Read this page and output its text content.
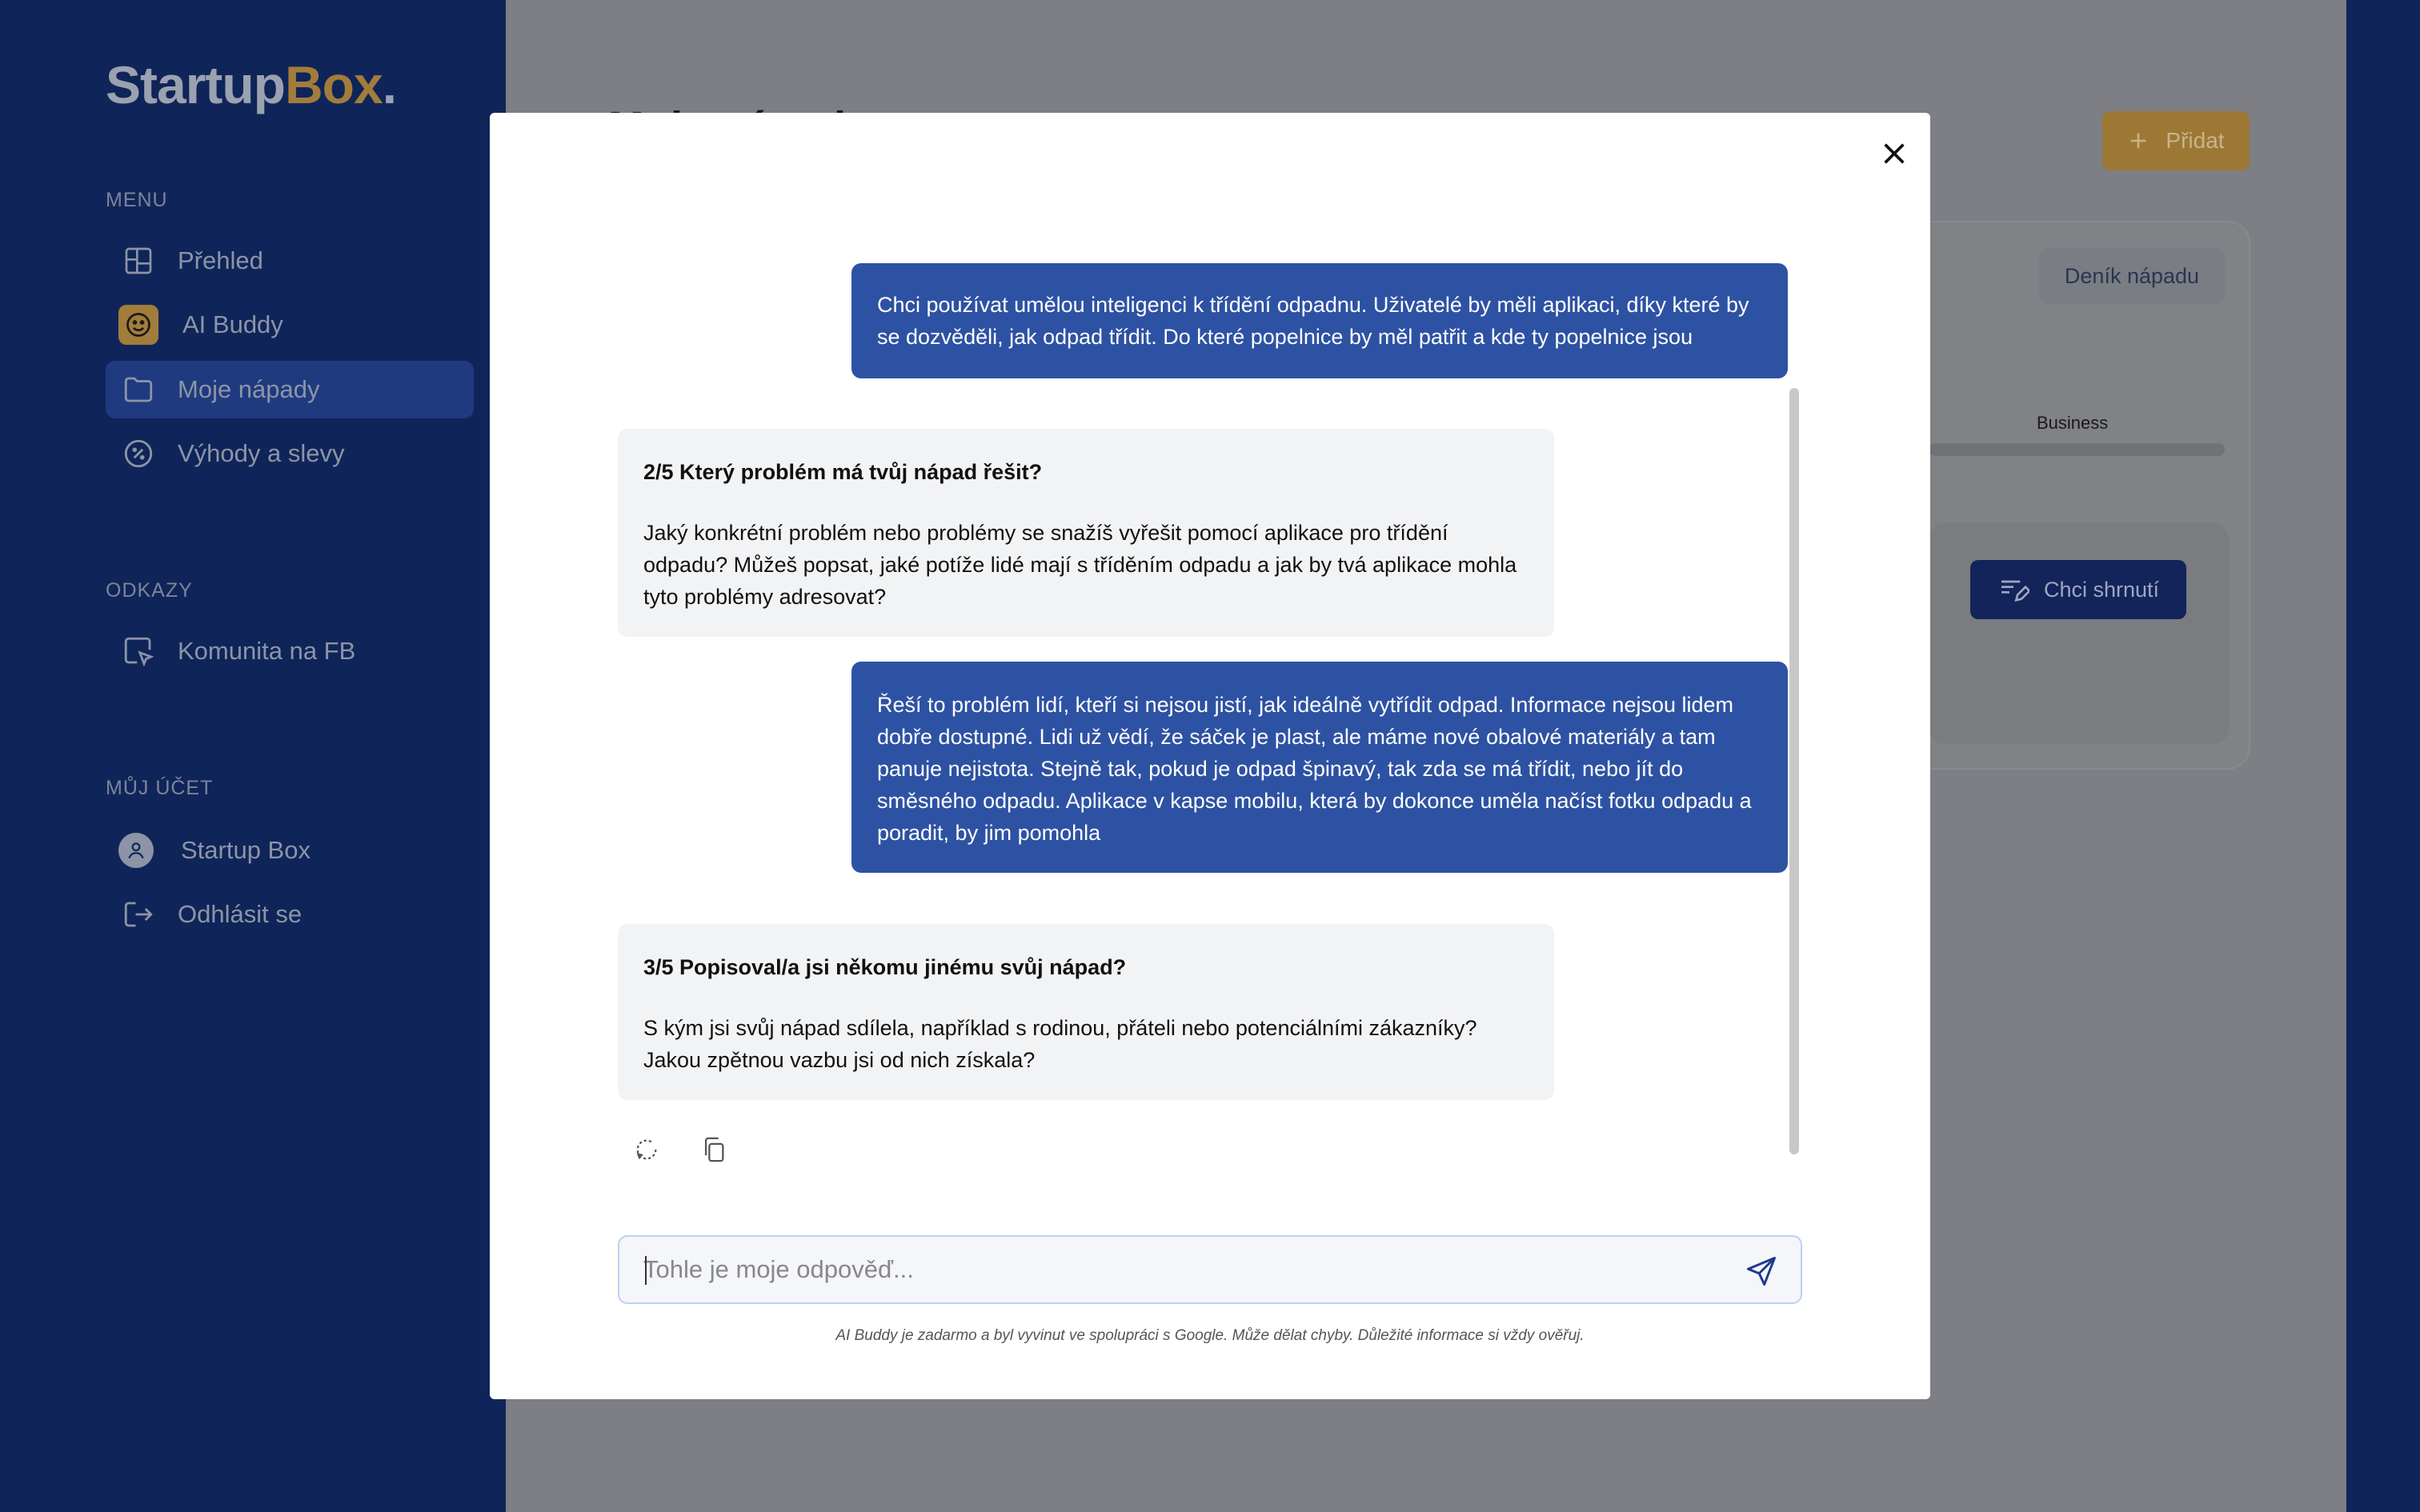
StartupBox.
MENU
Přehled
AI Buddy
Moje nápady
Výhody a slevy
ODKAZY
Komunita na FB
MŮJ ÚČET
Startup Box
Odhlásit se
Přidat
Deník nápadu
Business
Chci shrnutí
Chci používat umělou inteligenci k třídění odpadnu. Uživatelé by měli aplikaci, díky které by se dozvěděli, jak odpad třídit. Do které popelnice by měl patřit a kde ty popelnice jsou
2/5 Který problém má tvůj nápad řešit?
Jaký konkrétní problém nebo problémy se snažíš vyřešit pomocí aplikace pro třídění odpadu? Můžeš popsat, jaké potíže lidé mají s tříděním odpadu a jak by tvá aplikace mohla tyto problémy adresovat?
Řeší to problém lidí, kteří si nejsou jistí, jak ideálně vytřídit odpad. Informace nejsou lidem dobře dostupné. Lidi už vědí, že sáček je plast, ale máme nové obalové materiály a tam panuje nejistota. Stejně tak, pokud je odpad špinavý, tak zda se má třídit, nebo jít do směsného odpadu. Aplikace v kapse mobilu, která by dokonce uměla načíst fotku odpadu a poradit, by jim pomohla
3/5 Popisoval/a jsi někomu jinému svůj nápad?
S kým jsi svůj nápad sdílela, například s rodinou, přáteli nebo potenciálními zákazníky? Jakou zpětnou vazbu jsi od nich získala?
Tohle je moje odpověď...
AI Buddy je zadarmo a byl vyvinut ve spolupráci s Google. Může dělat chyby. Důležité informace si vždy ověřuj.
